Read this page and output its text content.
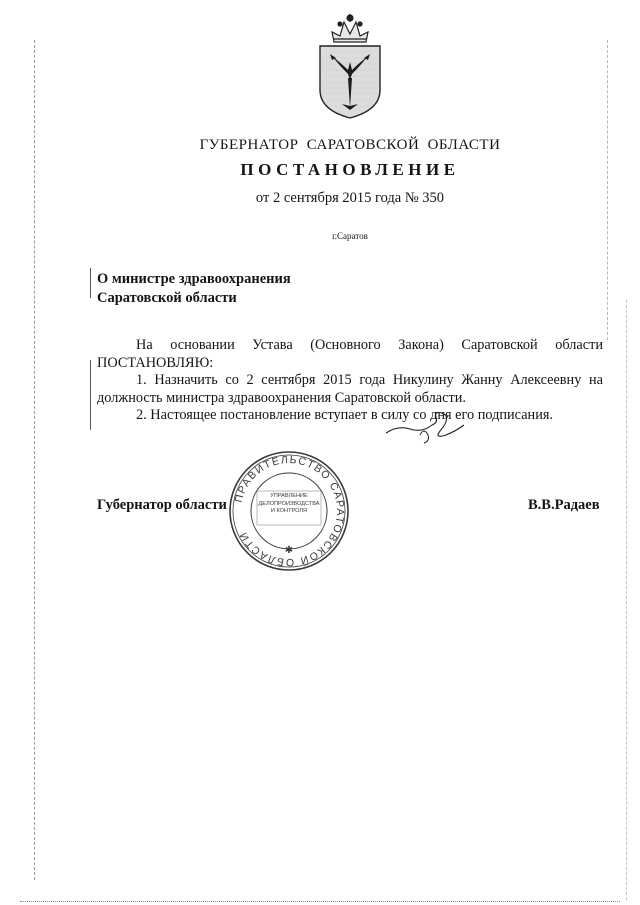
ГУБЕРНАТОР САРАТОВСКОЙ ОБЛАСТИ
ПОСТАНОВЛЕНИЕ
от 2 сентября 2015 года № 350
г.Саратов
О министре здравоохранения
Саратовской области

На основании Устава (Основного Закона) Саратовской области

ПОСТАНОВЛЯЮ:

1. Назначить со 2 сентября 2015 года Никулину Жанну Алексеевну на должность министра здравоохранения Саратовской области.

2. Настоящее постановление вступает в силу со дня его подписания.

ПРАВИТЕЛЬСТВО САРАТОВСКОЙ ОБЛАСТИ
✱
УПРАВЛЕНИЕ ДЕЛОПРОИЗВОДСТВА И КОНТРОЛЯ
Губернатор области	В.В.Радаев
